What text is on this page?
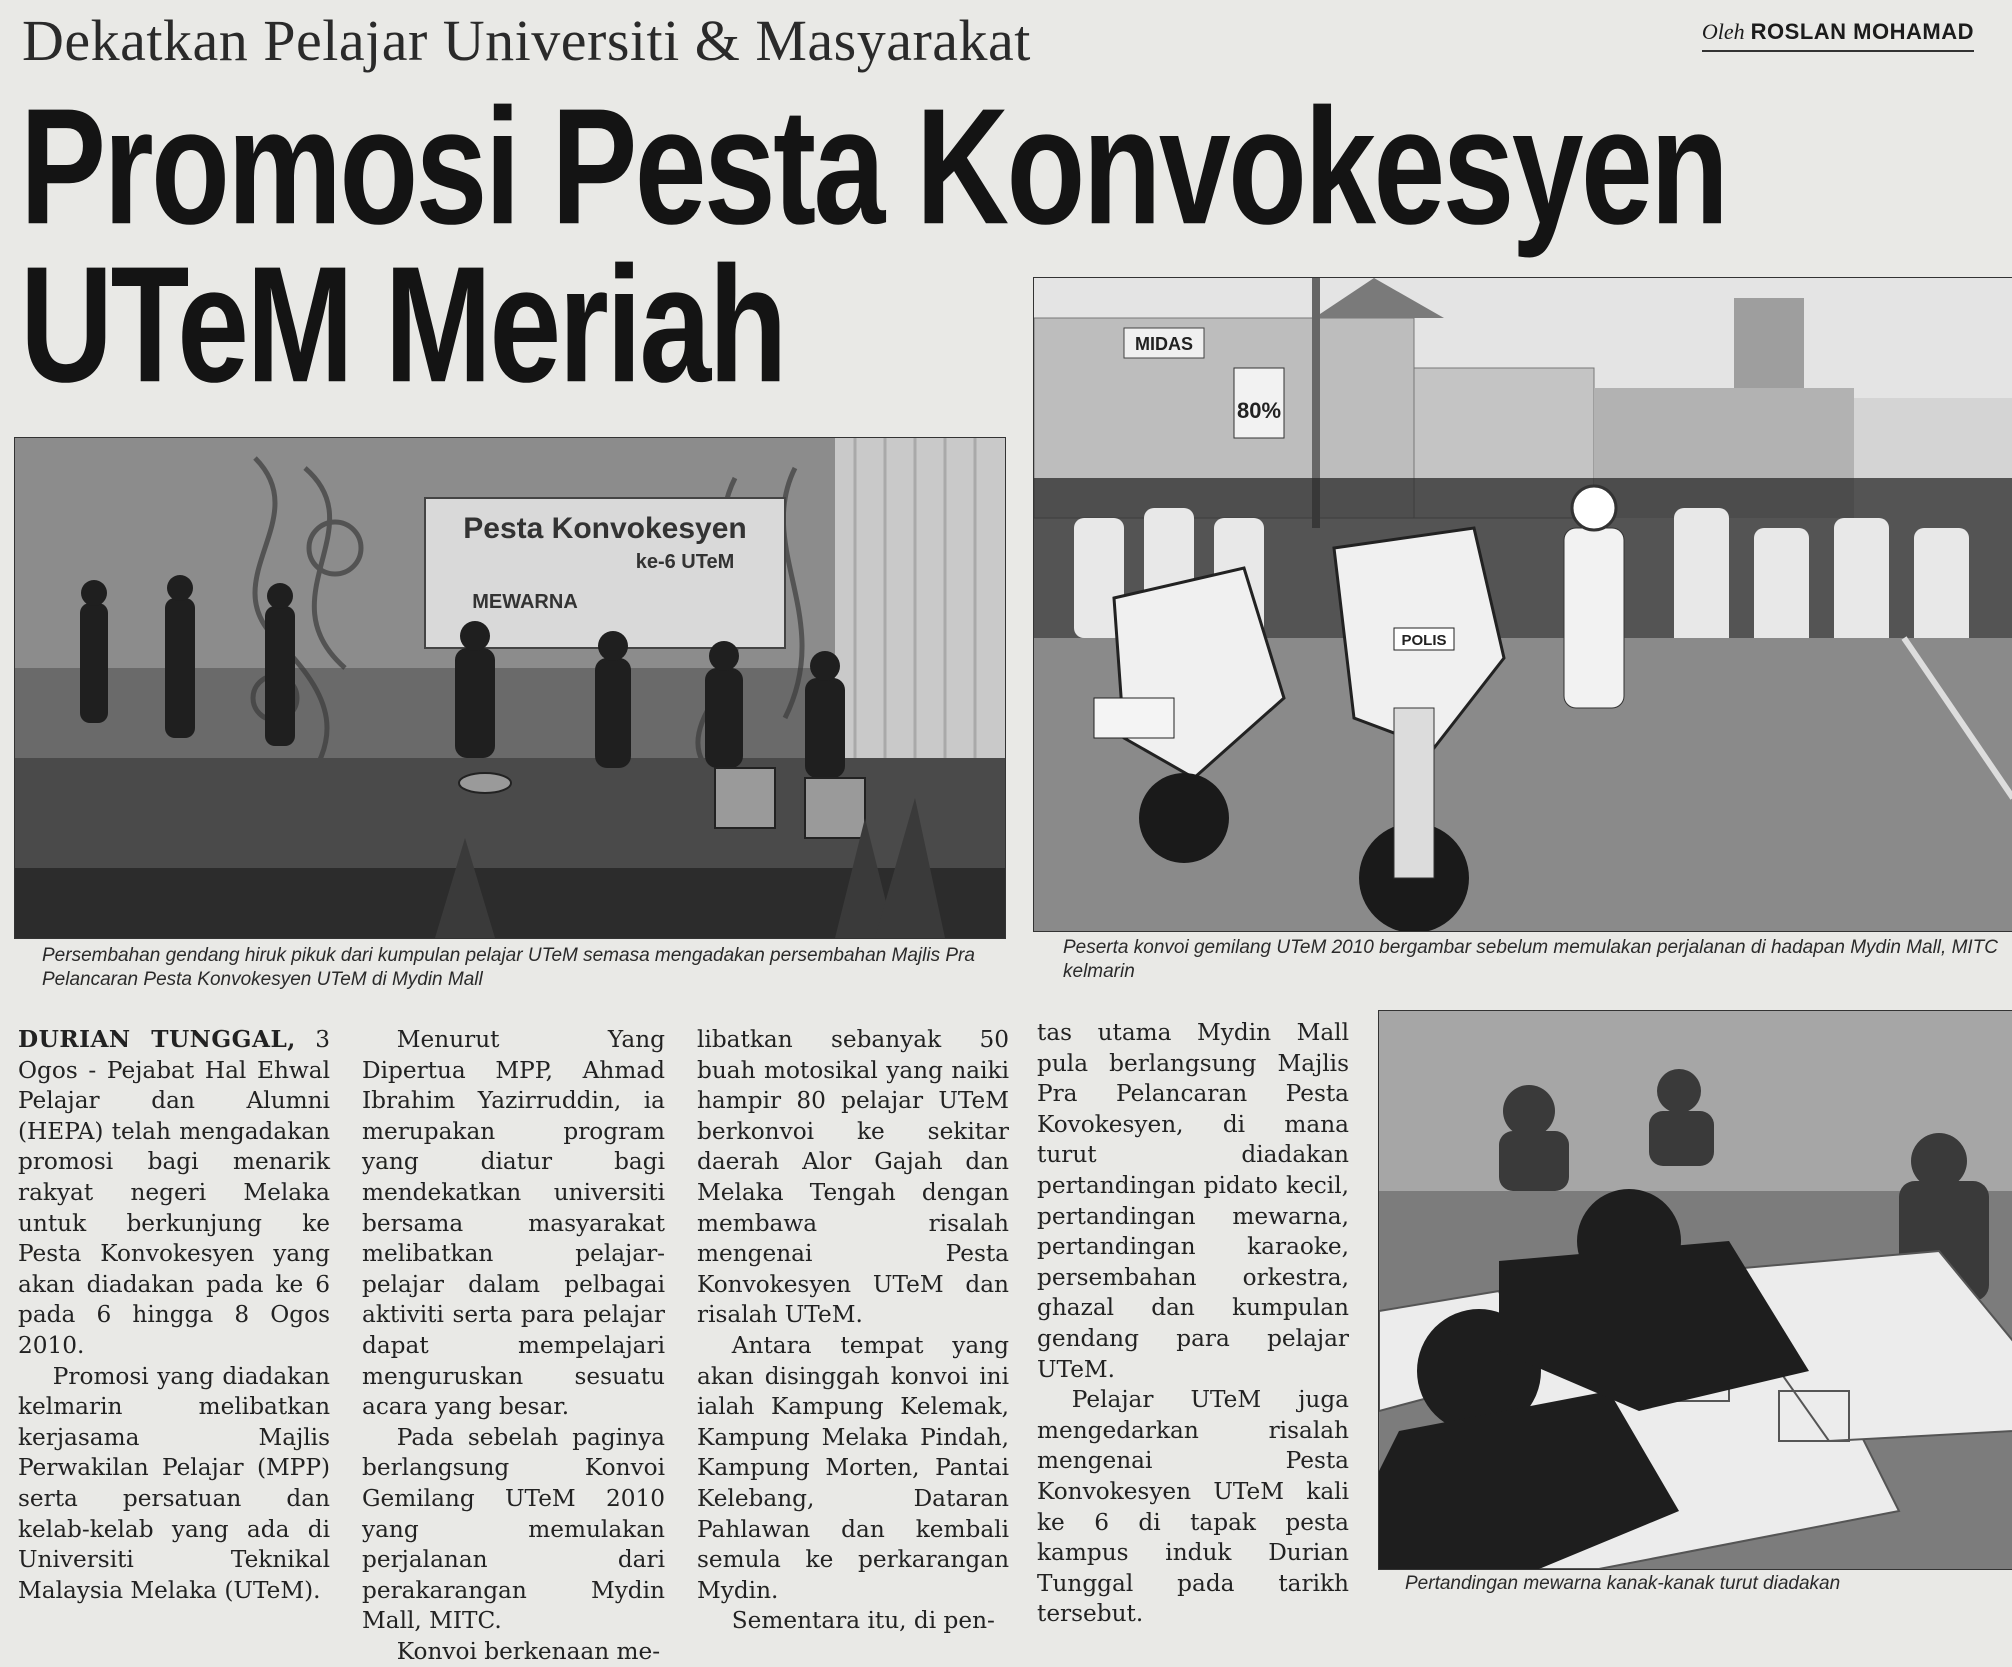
Dekatkan Pelajar Universiti & Masyarakat	Oleh ROSLAN MOHAMAD
Promosi Pesta Konvokesyen
UTeM Meriah
Pesta Konvokesyen
ke-6 UTeM
MEWARNA
Persembahan gendang hiruk pikuk dari kumpulan pelajar UTeM semasa mengadakan persembahan Majlis Pra Pelancaran Pesta Konvokesyen UTeM di Mydin Mall
MIDAS
80%
POLIS
Peserta konvoi gemilang UTeM 2010 bergambar sebelum memulakan perjalanan di hadapan Mydin Mall, MITC kelmarin
Pertandingan mewarna kanak-kanak turut diadakan

DURIAN TUNGGAL, 3 Ogos - Pejabat Hal Ehwal Pelajar dan Alumni (HEPA) telah mengadakan promosi bagi menarik rakyat negeri Melaka untuk berkunjung ke Pesta Konvokesyen yang akan diadakan pada ke 6 pada 6 hingga 8 Ogos 2010.

Promosi yang diadakan kelmarin melibatkan kerjasama Majlis Perwakilan Pelajar (MPP) serta persatuan dan kelab-kelab yang ada di Universiti Teknikal Malaysia Melaka (UTeM).

Menurut Yang Dipertua MPP, Ahmad Ibrahim Yazirruddin, ia merupakan program yang diatur bagi mendekatkan universiti bersama masyarakat melibatkan pelajar-pelajar dalam pelbagai aktiviti serta para pelajar dapat mempelajari menguruskan sesuatu acara yang besar.

Pada sebelah paginya berlangsung Konvoi Gemilang UTeM 2010 yang memulakan perjalanan dari perakarangan Mydin Mall, MITC.

Konvoi berkenaan me-

libatkan sebanyak 50 buah motosikal yang naiki hampir 80 pelajar UTeM berkonvoi ke sekitar daerah Alor Gajah dan Melaka Tengah dengan membawa risalah mengenai Pesta Konvokesyen UTeM dan risalah UTeM.

Antara tempat yang akan disinggah konvoi ini ialah Kampung Kelemak, Kampung Melaka Pindah, Kampung Morten, Pantai Kelebang, Dataran Pahlawan dan kembali semula ke perkarangan Mydin.

Sementara itu, di pen-

tas utama Mydin Mall pula berlangsung Majlis Pra Pelancaran Pesta Kovokesyen, di mana turut diadakan pertandingan pidato kecil, pertandingan mewarna, pertandingan karaoke, persembahan orkestra, ghazal dan kumpulan gendang para pelajar UTeM.

Pelajar UTeM juga mengedarkan risalah mengenai Pesta Konvokesyen UTeM kali ke 6 di tapak pesta kampus induk Durian Tunggal pada tarikh tersebut.
